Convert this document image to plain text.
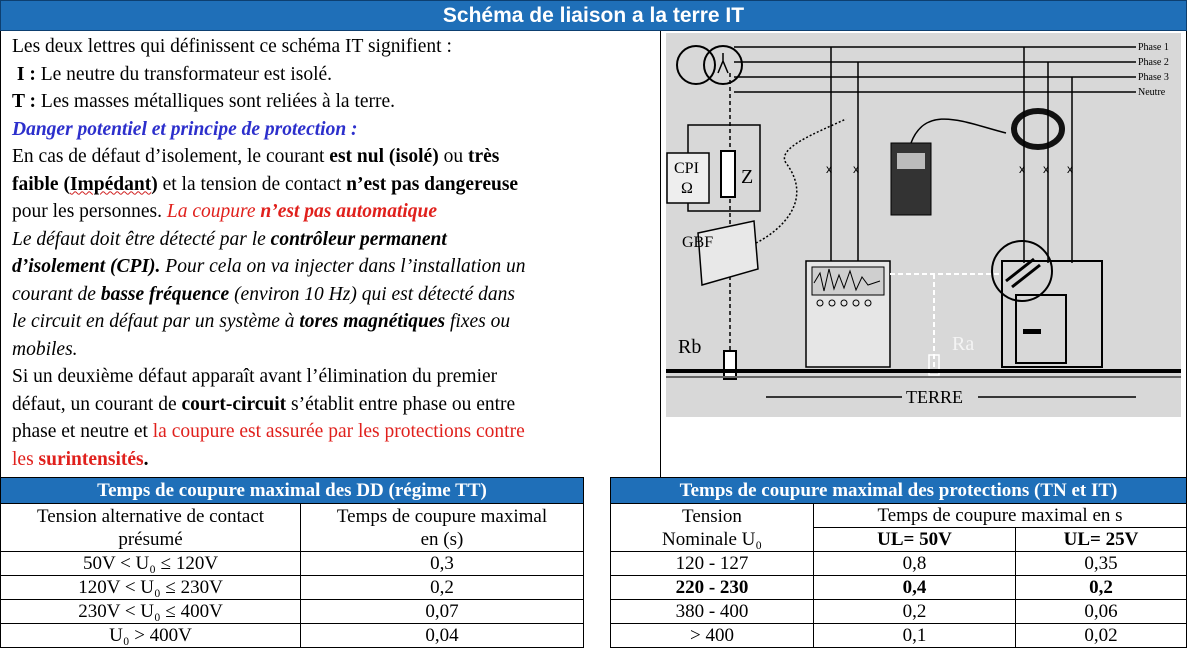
Schéma de liaison a la terre IT

Les deux lettres qui définissent ce schéma IT signifient :

I : Le neutre du transformateur est isolé.

T : Les masses métalliques sont reliées à la terre.

Danger potentiel et principe de protection :

En cas de défaut d’isolement, le courant est nul (isolé) ou très

faible (Impédant) et la tension de contact n’est pas dangereuse

pour les personnes. La coupure n’est pas automatique

Le défaut doit être détecté par le contrôleur permanent

d’isolement (CPI). Pour cela on va injecter dans l’installation un

courant de basse fréquence (environ 10 Hz) qui est détecté dans

le circuit en défaut par un système à tores magnétiques fixes ou

mobiles.

Si un deuxième défaut apparaît avant l’élimination du premier

défaut, un courant de court-circuit s’établit entre phase ou entre

phase et neutre et la coupure est assurée par les protections contre

les surintensités.

Phase 1
Phase 2
Phase 3
Neutre
CPI
Ω
Z
GBF
x x	x x x
Ra
Rb
TERRE
Temps de coupure maximal des DD (régime TT)	
Tension alternative de contact
présumé	Temps de coupure maximal
en (s)
50V < U₀ ≤ 120V	0,3
120V < U₀ ≤ 230V	0,2
230V < U₀ ≤ 400V	0,07
U₀ > 400V	0,04
Temps de coupure maximal des protections (TN et IT)		
Tension
Nominale U₀	Temps de coupure maximal en s	
	UL= 50V	UL= 25V
120 - 127	0,8	0,35
220 - 230	0,4	0,2
380 - 400	0,2	0,06
> 400	0,1	0,02
